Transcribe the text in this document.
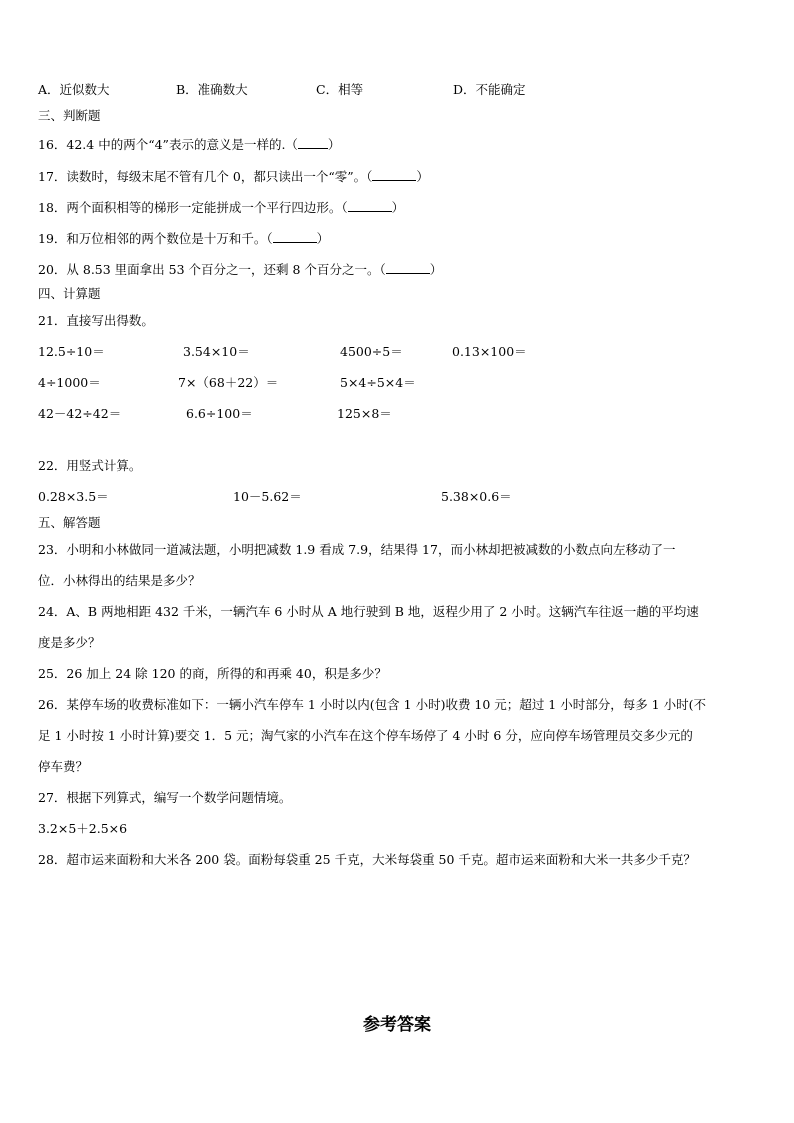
A．近似数大	B．准确数大	C．相等	D．不能确定
三、判断题
16．42.4 中的两个“4”表示的意义是一样的.（ ）
17．读数时，每级末尾不管有几个 0，都只读出一个“零”。（	）
18．两个面积相等的梯形一定能拼成一个平行四边形。（	）
19．和万位相邻的两个数位是十万和千。（	）
20．从 8.53 里面拿出 53 个百分之一，还剩 8 个百分之一。（	）
四、计算题
21．直接写出得数。
12.5÷10＝	3.54×10＝	4500÷5＝	0.13×100＝
4÷1000＝	7×（68＋22）＝	5×4÷5×4＝
42－42÷42＝	6.6÷100＝	125×8＝
22．用竖式计算。
0.28×3.5＝	10－5.62＝	5.38×0.6＝
五、解答题
23．小明和小林做同一道减法题，小明把减数 1.9 看成 7.9，结果得 17，而小林却把被减数的小数点向左移动了一
位．小林得出的结果是多少？
24．A、B 两地相距 432 千米，一辆汽车 6 小时从 A 地行驶到 B 地，返程少用了 2 小时。这辆汽车往返一趟的平均速
度是多少？
25．26 加上 24 除 120 的商，所得的和再乘 40，积是多少？
26．某停车场的收费标准如下：一辆小汽车停车 1 小时以内(包含 1 小时)收费 10 元；超过 1 小时部分，每多 1 小时(不
足 1 小时按 1 小时计算)要交 1．5 元；淘气家的小汽车在这个停车场停了 4 小时 6 分，应向停车场管理员交多少元的
停车费？
27．根据下列算式，编写一个数学问题情境。
3.2×5＋2.5×6
28．超市运来面粉和大米各 200 袋。面粉每袋重 25 千克，大米每袋重 50 千克。超市运来面粉和大米一共多少千克？
参考答案
